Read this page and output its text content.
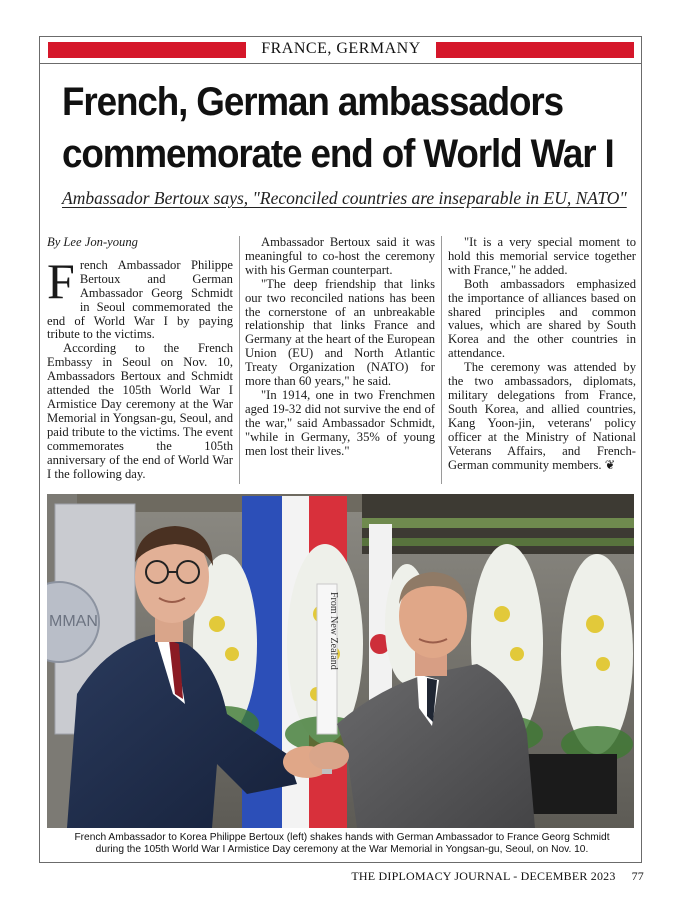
FRANCE, GERMANY
French, German ambassadors
commemorate end of World War I

Ambassador Bertoux says, "Reconciled countries are inseparable in EU, NATO"

By Lee Jon-young

French Ambassador Philippe Bertoux and German Ambassador Georg Schmidt in Seoul commemorated the end of World War I by paying tribute to the victims.

According to the French Embassy in Seoul on Nov. 10, Ambassadors Bertoux and Schmidt attended the 105th World War I Armistice Day ceremony at the War Memorial in Yongsan-gu, Seoul, and paid tribute to the victims. The event commemorates the 105th anniversary of the end of World War I the following day.

Ambassador Bertoux said it was meaningful to co-host the ceremony with his German counterpart.

"The deep friendship that links our two reconciled nations has been the cornerstone of an unbreakable relationship that links France and Germany at the heart of the European Union (EU) and North Atlantic Treaty Organization (NATO) for more than 60 years," he said.

"In 1914, one in two Frenchmen aged 19-32 did not survive the end of the war," said Ambassador Schmidt, "while in Germany, 35% of young men lost their lives."

"It is a very special moment to hold this memorial service together with France," he added.

Both ambassadors emphasized the importance of alliances based on shared principles and common values, which are shared by South Korea and the other countries in attendance.

The ceremony was attended by the two ambassadors, diplomats, military delegations from France, South Korea, and allied countries, Kang Yoon-jin, veterans' policy officer at the Ministry of National Veterans Affairs, and French-German community members. ❦

MMAN	From New Zealand
French Ambassador to Korea Philippe Bertoux (left) shakes hands with German Ambassador to France Georg Schmidt
during the 105th World War I Armistice Day ceremony at the War Memorial in Yongsan-gu, Seoul, on Nov. 10.
THE DIPLOMACY JOURNAL - DECEMBER 2023 77
